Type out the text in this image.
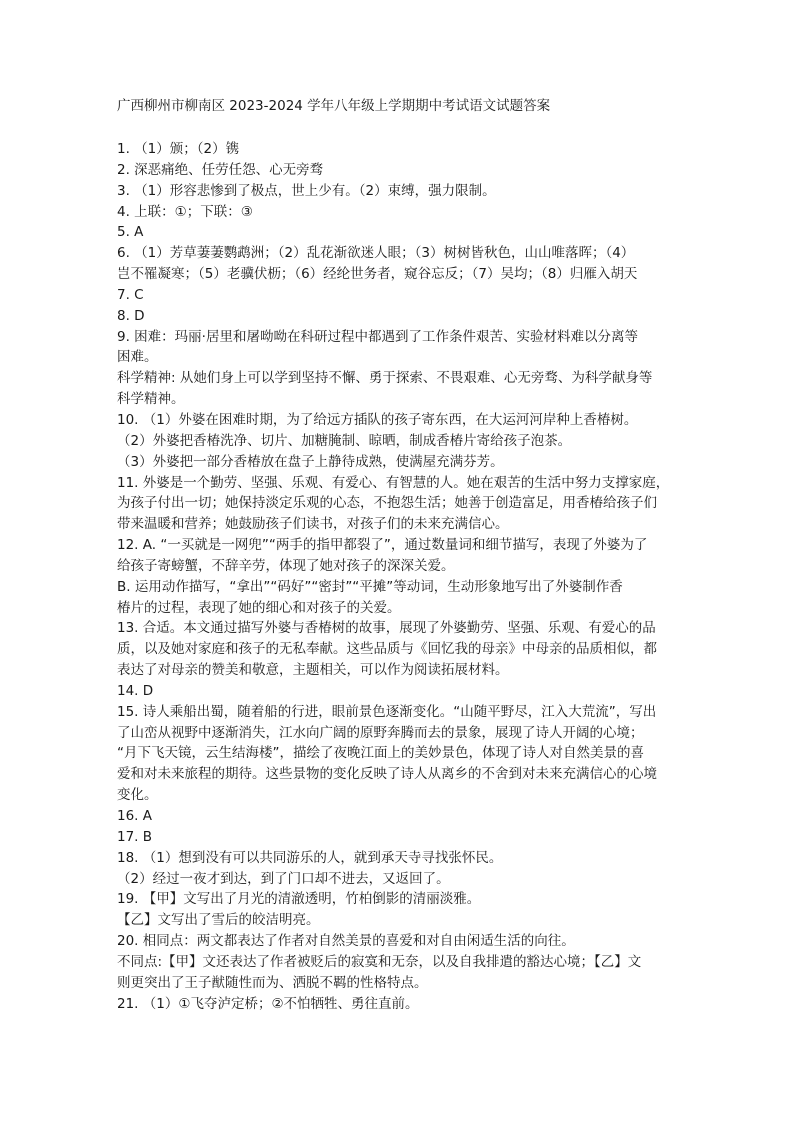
广西柳州市柳南区 2023-2024 学年八年级上学期期中考试语文试题答案
1. （1）颁；（2）镌
2. 深恶痛绝、任劳任怨、心无旁骛
3. （1）形容悲惨到了极点，世上少有。（2）束缚，强力限制。
4. 上联：①；下联：③
5. A
6. （1）芳草萋萋鹦鹉洲；（2）乱花渐欲迷人眼；（3）树树皆秋色，山山唯落晖；（4）
岂不罹凝寒；（5）老骥伏枥；（6）经纶世务者，窥谷忘反；（7）吴均；（8）归雁入胡天
7. C
8. D
9. 困难：玛丽·居里和屠呦呦在科研过程中都遇到了工作条件艰苦、实验材料难以分离等
困难。
科学精神: 从她们身上可以学到坚持不懈、勇于探索、不畏艰难、心无旁骛、为科学献身等
科学精神。
10. （1）外婆在困难时期，为了给远方插队的孩子寄东西，在大运河河岸种上香椿树。
（2）外婆把香椿洗净、切片、加糖腌制、晾晒，制成香椿片寄给孩子泡茶。
（3）外婆把一部分香椿放在盘子上静待成熟，使满屋充满芬芳。
11. 外婆是一个勤劳、坚强、乐观、有爱心、有智慧的人。她在艰苦的生活中努力支撑家庭，
为孩子付出一切；她保持淡定乐观的心态，不抱怨生活；她善于创造富足，用香椿给孩子们
带来温暖和营养；她鼓励孩子们读书，对孩子们的未来充满信心。
12. A. “一买就是一网兜”“两手的指甲都裂了”，通过数量词和细节描写，表现了外婆为了
给孩子寄螃蟹，不辞辛劳，体现了她对孩子的深深关爱。
B. 运用动作描写，“拿出”“码好”“密封”“平摊”等动词，生动形象地写出了外婆制作香
椿片的过程，表现了她的细心和对孩子的关爱。
13. 合适。本文通过描写外婆与香椿树的故事，展现了外婆勤劳、坚强、乐观、有爱心的品
质，以及她对家庭和孩子的无私奉献。这些品质与《回忆我的母亲》中母亲的品质相似，都
表达了对母亲的赞美和敬意，主题相关，可以作为阅读拓展材料。
14. D
15. 诗人乘船出蜀，随着船的行进，眼前景色逐渐变化。“山随平野尽，江入大荒流”，写出
了山峦从视野中逐渐消失，江水向广阔的原野奔腾而去的景象，展现了诗人开阔的心境；
“月下飞天镜，云生结海楼”，描绘了夜晚江面上的美妙景色，体现了诗人对自然美景的喜
爱和对未来旅程的期待。这些景物的变化反映了诗人从离乡的不舍到对未来充满信心的心境
变化。
16. A
17. B
18. （1）想到没有可以共同游乐的人，就到承天寺寻找张怀民。
（2）经过一夜才到达，到了门口却不进去，又返回了。
19. 【甲】文写出了月光的清澈透明，竹柏倒影的清丽淡雅。
【乙】文写出了雪后的皎洁明亮。
20. 相同点：两文都表达了作者对自然美景的喜爱和对自由闲适生活的向往。
不同点:【甲】文还表达了作者被贬后的寂寞和无奈，以及自我排遣的豁达心境；【乙】文
则更突出了王子猷随性而为、洒脱不羁的性格特点。
21. （1）①飞夺泸定桥；②不怕牺牲、勇往直前。
